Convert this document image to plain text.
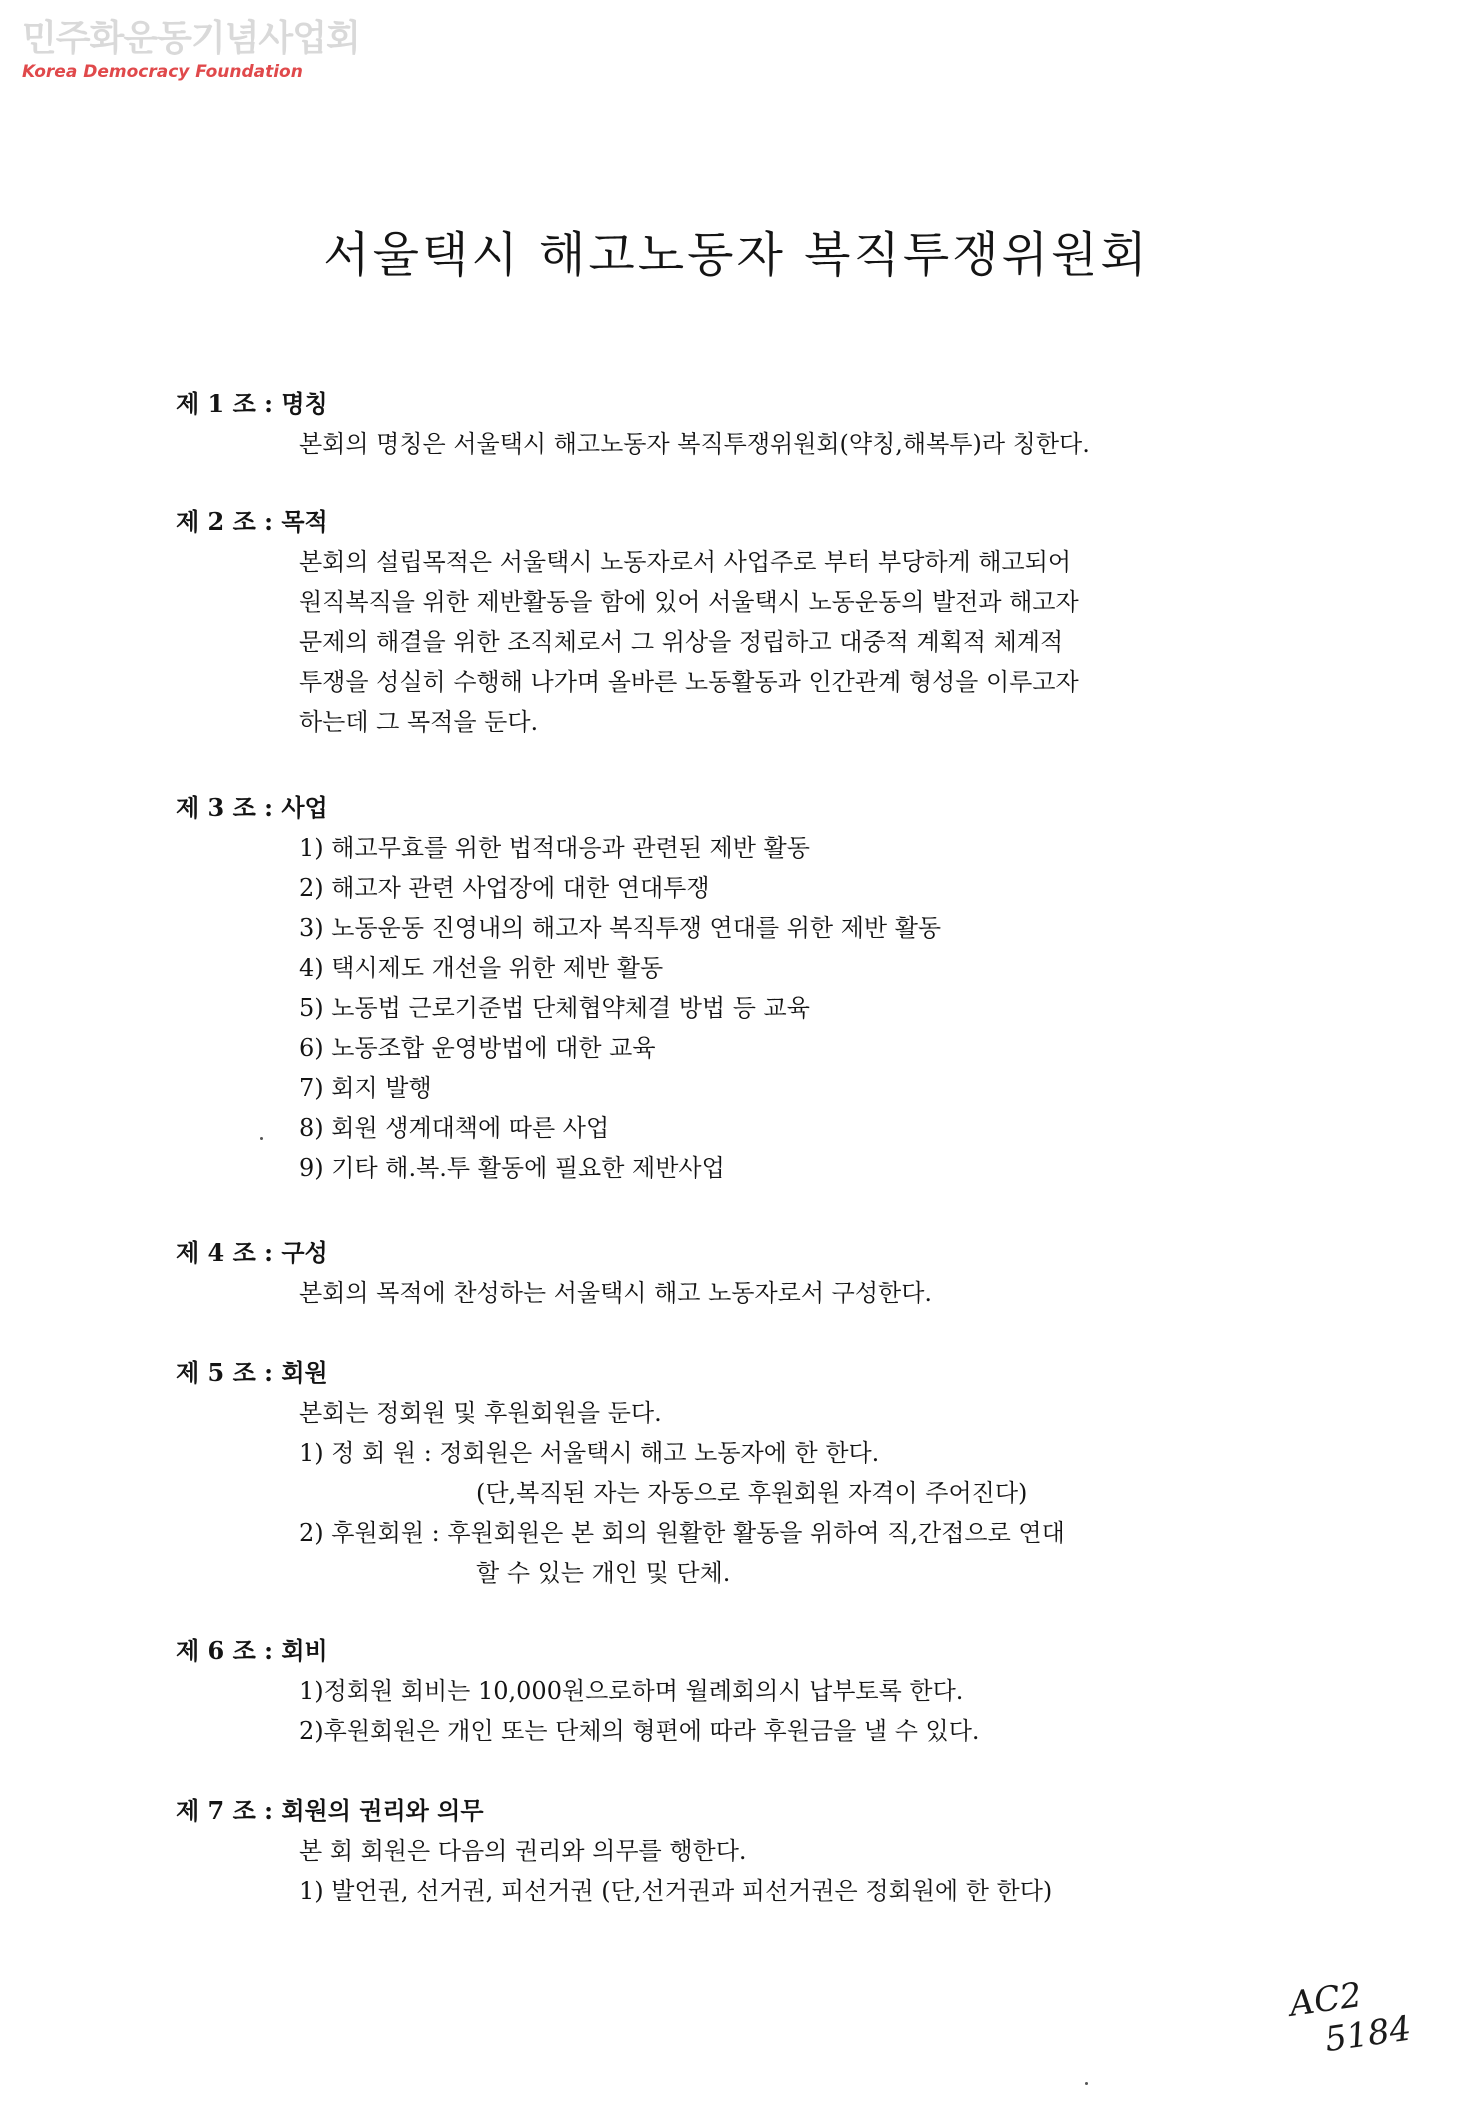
민주화운동기념사업회
Korea Democracy Foundation
서울택시 해고노동자 복직투쟁위원회
제 1 조 : 명칭
본회의 명칭은 서울택시 해고노동자 복직투쟁위원회(약칭,해복투)라 칭한다.
제 2 조 : 목적
본회의 설립목적은 서울택시 노동자로서 사업주로 부터 부당하게 해고되어
원직복직을 위한 제반활동을 함에 있어 서울택시 노동운동의 발전과 해고자
문제의 해결을 위한 조직체로서 그 위상을 정립하고 대중적 계획적 체계적
투쟁을 성실히 수행해 나가며 올바른 노동활동과 인간관계 형성을 이루고자
하는데 그 목적을 둔다.
제 3 조 : 사업
1) 해고무효를 위한 법적대응과 관련된 제반 활동
2) 해고자 관련 사업장에 대한 연대투쟁
3) 노동운동 진영내의 해고자 복직투쟁 연대를 위한 제반 활동
4) 택시제도 개선을 위한 제반 활동
5) 노동법 근로기준법 단체협약체결 방법 등 교육
6) 노동조합 운영방법에 대한 교육
7) 회지 발행
8) 회원 생계대책에 따른 사업
9) 기타 해.복.투 활동에 필요한 제반사업
제 4 조 : 구성
본회의 목적에 찬성하는 서울택시 해고 노동자로서 구성한다.
제 5 조 : 회원
본회는 정회원 및 후원회원을 둔다.
1) 정 회 원 : 정회원은 서울택시 해고 노동자에 한 한다.
(단,복직된 자는 자동으로 후원회원 자격이 주어진다)
2) 후원회원 : 후원회원은 본 회의 원활한 활동을 위하여 직,간접으로 연대
할 수 있는 개인 및 단체.
제 6 조 : 회비
1)정회원 회비는 10,000원으로하며 월례회의시 납부토록 한다.
2)후원회원은 개인 또는 단체의 형편에 따라 후원금을 낼 수 있다.
제 7 조 : 회원의 권리와 의무
본 회 회원은 다음의 권리와 의무를 행한다.
1) 발언권, 선거권, 피선거권 (단,선거권과 피선거권은 정회원에 한 한다)
AC2
5184
